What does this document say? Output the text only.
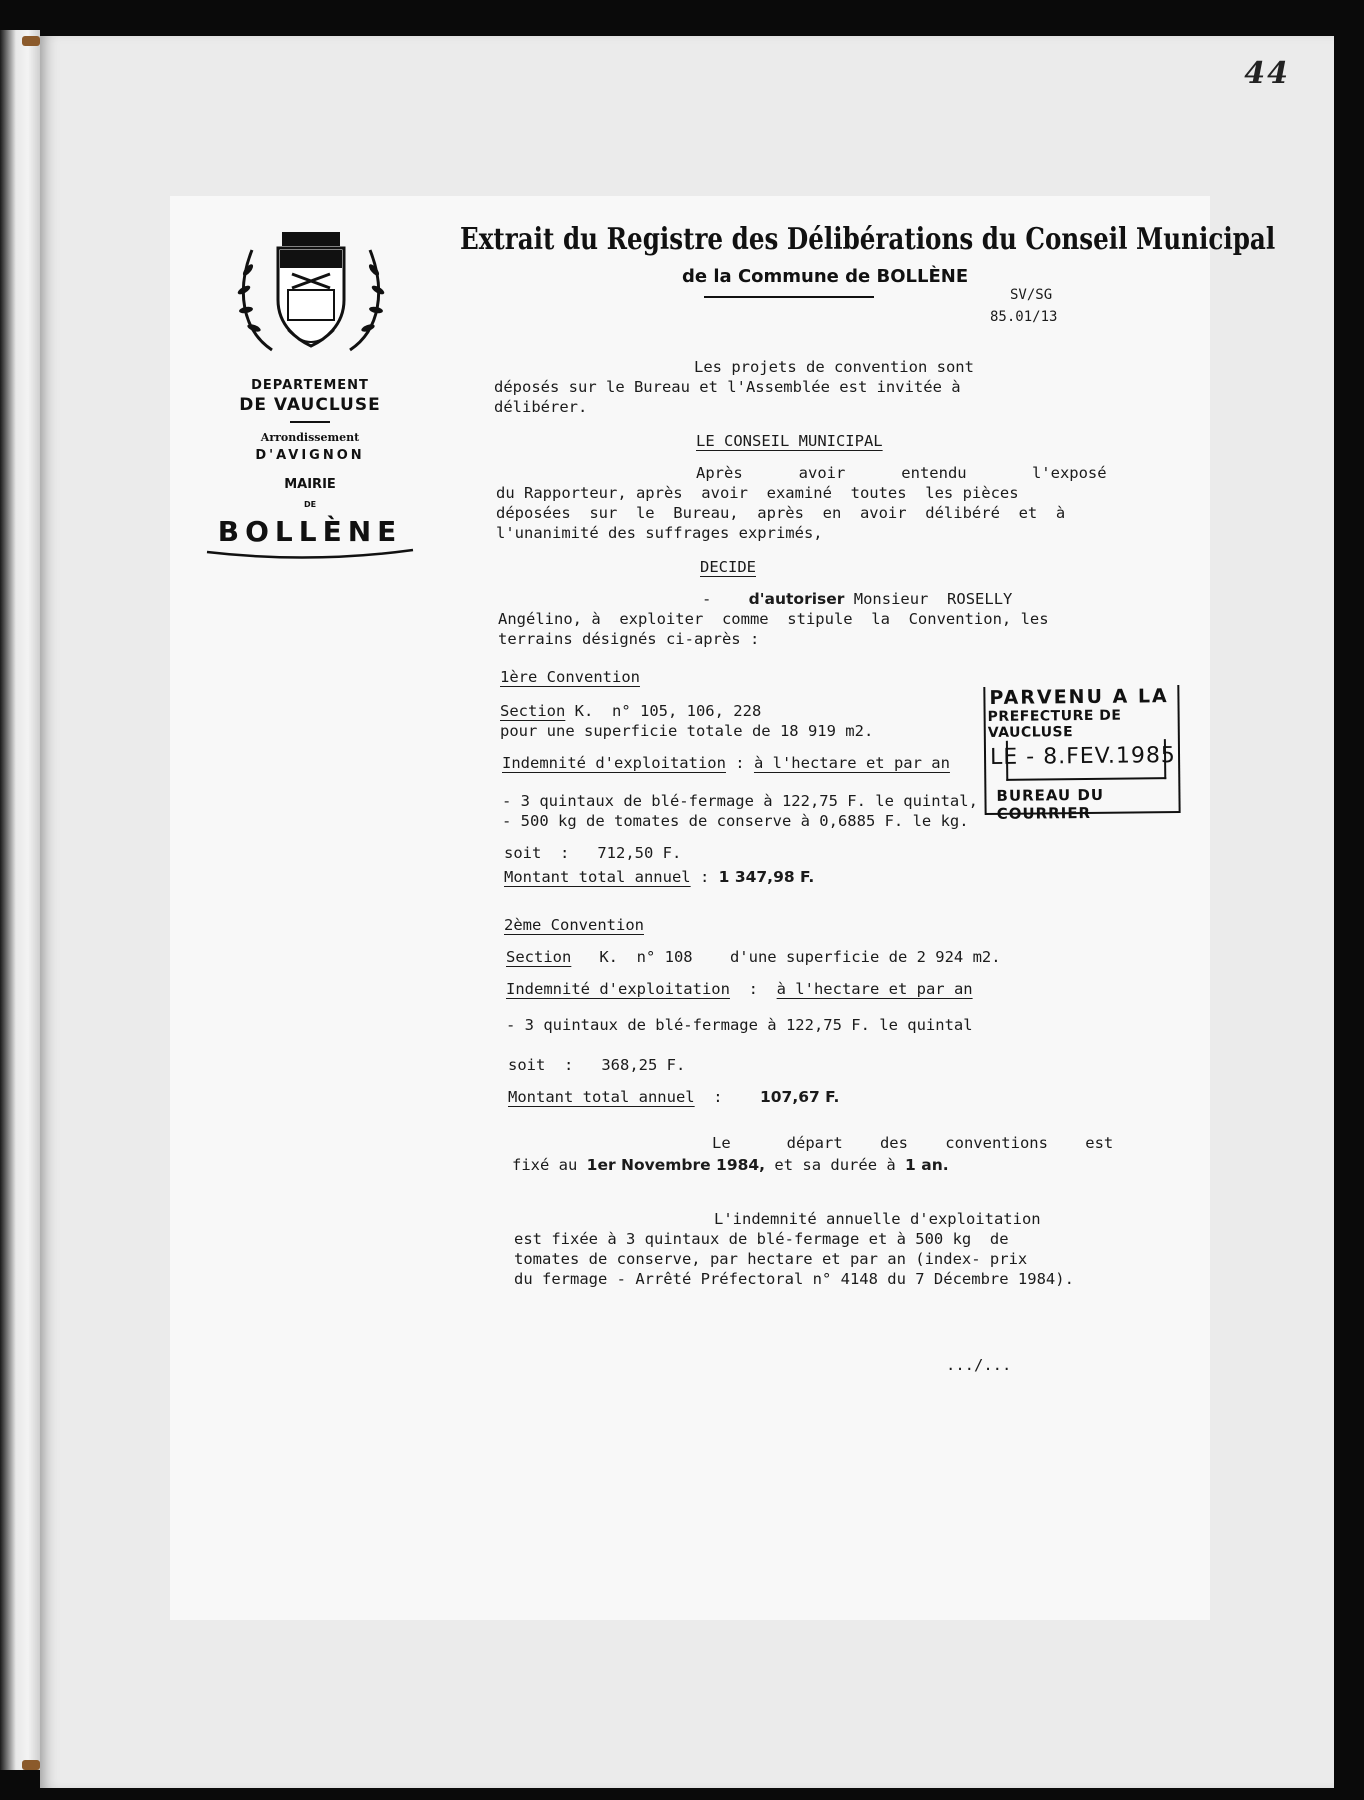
44
DEPARTEMENT
DE VAUCLUSE
Arrondissement
D'AVIGNON
MAIRIE
DE
BOLLÈNE
Extrait du Registre des Délibérations du Conseil Municipal
de la Commune de BOLLÈNE
SV/SG
85.01/13
Les projets de convention sont
déposés sur le Bureau et l'Assemblée est invitée à
délibérer.
LE CONSEIL MUNICIPAL
Après      avoir      entendu       l'exposé
du Rapporteur, après  avoir  examiné  toutes  les pièces
déposées  sur  le  Bureau,  après  en  avoir  délibéré  et  à
l'unanimité des suffrages exprimés,
DECIDE
- d'autoriser Monsieur  ROSELLY
Angélino, à  exploiter  comme  stipule  la  Convention, les
terrains désignés ci-après :
1ère Convention
Section K.  n° 105, 106, 228
pour une superficie totale de 18 919 m2.
Indemnité d'exploitation : à l'hectare et par an
- 3 quintaux de blé-fermage à 122,75 F. le quintal,
- 500 kg de tomates de conserve à 0,6885 F. le kg.
soit  :   712,50 F.
Montant total annuel : 1 347,98 F.
2ème Convention
Section   K.  n° 108    d'une superficie de 2 924 m2.
Indemnité d'exploitation  :  à l'hectare et par an
- 3 quintaux de blé-fermage à 122,75 F. le quintal
soit  :   368,25 F.
Montant total annuel  :    107,67 F.
Le      départ    des    conventions    est
fixé au 1er Novembre 1984, et sa durée à 1 an.
L'indemnité annuelle d'exploitation
est fixée à 3 quintaux de blé-fermage et à 500 kg  de
tomates de conserve, par hectare et par an (index- prix
du fermage - Arrêté Préfectoral n° 4148 du 7 Décembre 1984).
.../...
PARVENU A LA
PREFECTURE DE VAUCLUSE
LE - 8.FEV.1985
BUREAU DU COURRIER
